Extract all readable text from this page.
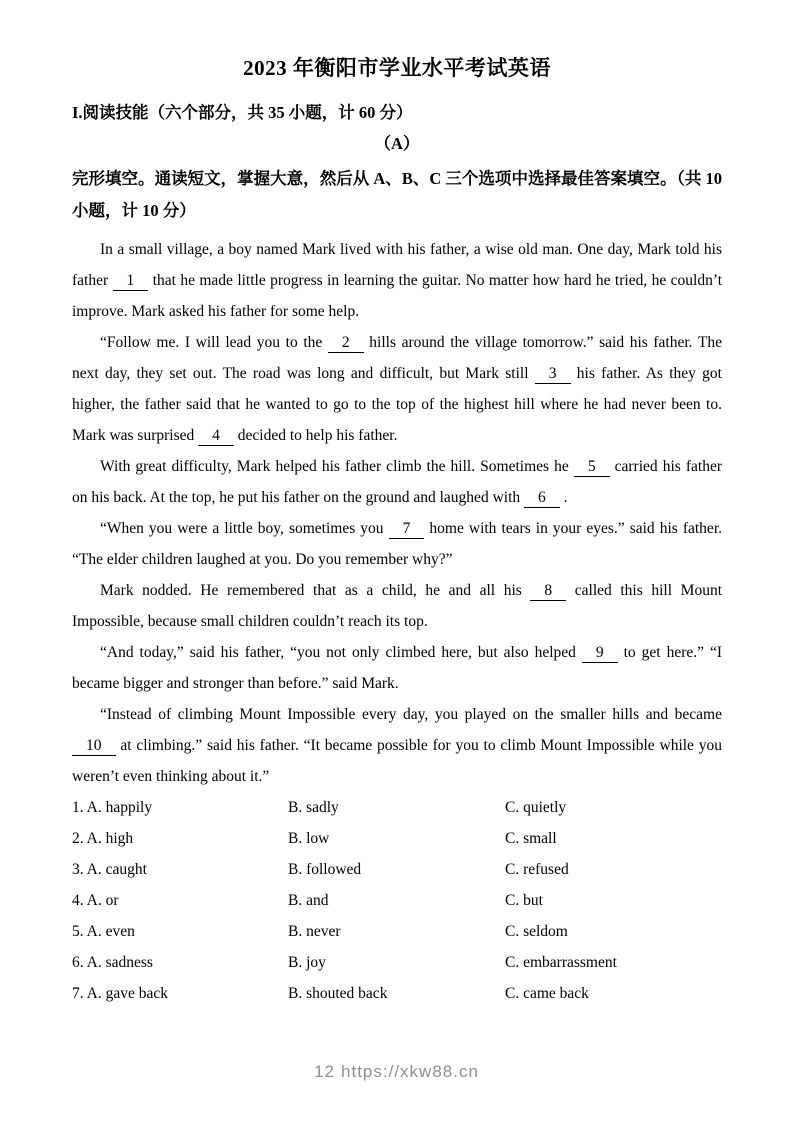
2023 年衡阳市学业水平考试英语
I.阅读技能（六个部分，共 35 小题，计 60 分）
（A）
完形填空。通读短文，掌握大意，然后从 A、B、C 三个选项中选择最佳答案填空。（共 10 小题，计 10 分）

In a small village, a boy named Mark lived with his father, a wise old man. One day, Mark told his father 1 that he made little progress in learning the guitar. No matter how hard he tried, he couldn’t improve. Mark asked his father for some help.

“Follow me. I will lead you to the 2 hills around the village tomorrow.” said his father. The next day, they set out. The road was long and difficult, but Mark still 3 his father. As they got higher, the father said that he wanted to go to the top of the highest hill where he had never been to. Mark was surprised 4 decided to help his father.

With great difficulty, Mark helped his father climb the hill. Sometimes he 5 carried his father on his back. At the top, he put his father on the ground and laughed with 6 .

“When you were a little boy, sometimes you 7 home with tears in your eyes.” said his father. “The elder children laughed at you. Do you remember why?”

Mark nodded. He remembered that as a child, he and all his 8 called this hill Mount Impossible, because small children couldn’t reach its top.

“And today,” said his father, “you not only climbed here, but also helped 9 to get here.” “I became bigger and stronger than before.” said Mark.

“Instead of climbing Mount Impossible every day, you played on the smaller hills and became 10 at climbing.” said his father. “It became possible for you to climb Mount Impossible while you weren’t even thinking about it.”

1. A. happily	B. sadly	C. quietly
2. A. high	B. low	C. small
3. A. caught	B. followed	C. refused
4. A. or	B. and	C. but
5. A. even	B. never	C. seldom
6. A. sadness	B. joy	C. embarrassment
7. A. gave back	B. shouted back	C. came back
12 https://xkw88.cn
